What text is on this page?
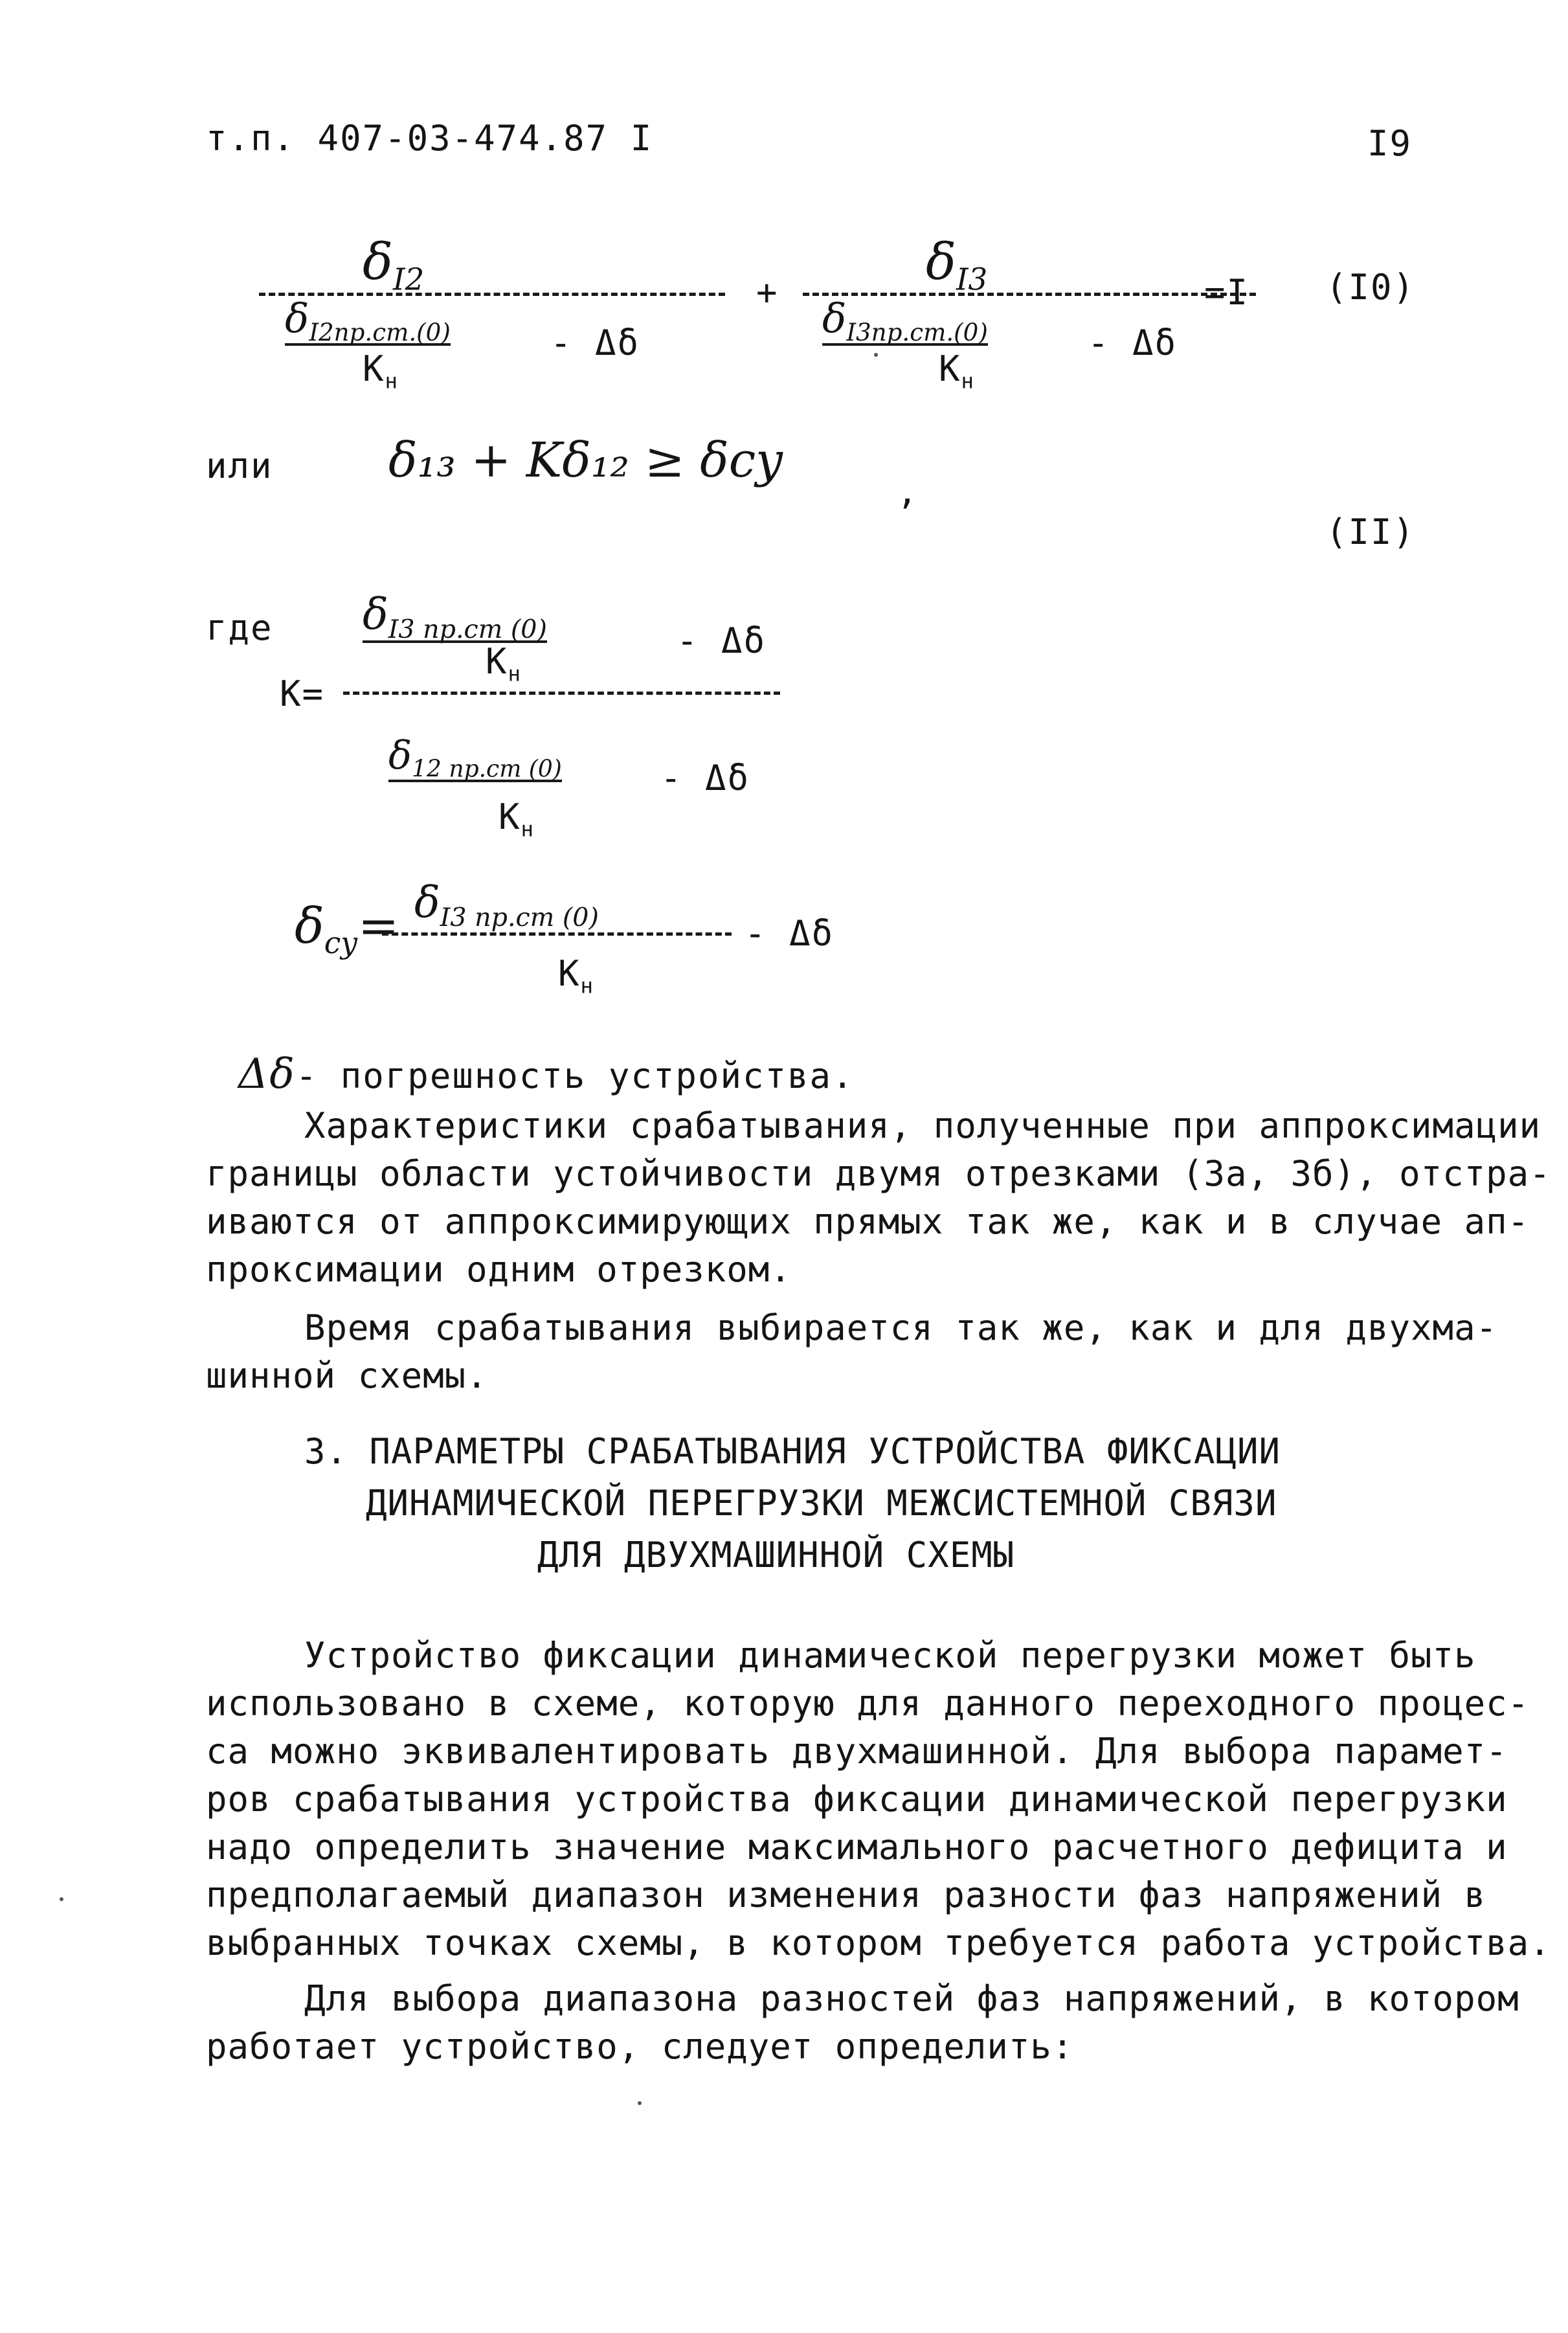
т.п. 407-03-474.87 I	I9
$\delta_{I2}$
$\delta_{I2пр.ст.(0)}$	- Δδ
$К_н$
+
$\delta_{I3}$
$\delta_{I3пр.ст.(0)}$	- Δδ
$К_н$
=I (I0)
или δ₁₃ + Kδ₁₂ ≥ δсу
,
(II)
где $\delta_{I3 пр.ст (0)}$	- Δδ
$К_н$
К=
$\delta_{12 пр.ст (0)}$	- Δδ
$К_н$
$\delta_{су}= \delta_{I3 пр.ст (0)}$	- Δδ
$К_н$
Δδ- погрешность устройства.
Характеристики срабатывания, полученные при аппроксимации
границы области устойчивости двумя отрезками (3а, 3б), отстра-
иваются от аппроксимирующих прямых так же, как и в случае ап-
проксимации одним отрезком.
Время срабатывания выбирается так же, как и для двухма-
шинной схемы.
3. ПАРАМЕТРЫ СРАБАТЫВАНИЯ УСТРОЙСТВА ФИКСАЦИИ
ДИНАМИЧЕСКОЙ ПЕРЕГРУЗКИ МЕЖСИСТЕМНОЙ СВЯЗИ
ДЛЯ ДВУХМАШИННОЙ СХЕМЫ
Устройство фиксации динамической перегрузки может быть
использовано в схеме, которую для данного переходного процес-
са можно эквивалентировать двухмашинной. Для выбора парамет-
ров срабатывания устройства фиксации динамической перегрузки
надо определить значение максимального расчетного дефицита и
предполагаемый диапазон изменения разности фаз напряжений в
выбранных точках схемы, в котором требуется работа устройства.
Для выбора диапазона разностей фаз напряжений, в котором
работает устройство, следует определить:
